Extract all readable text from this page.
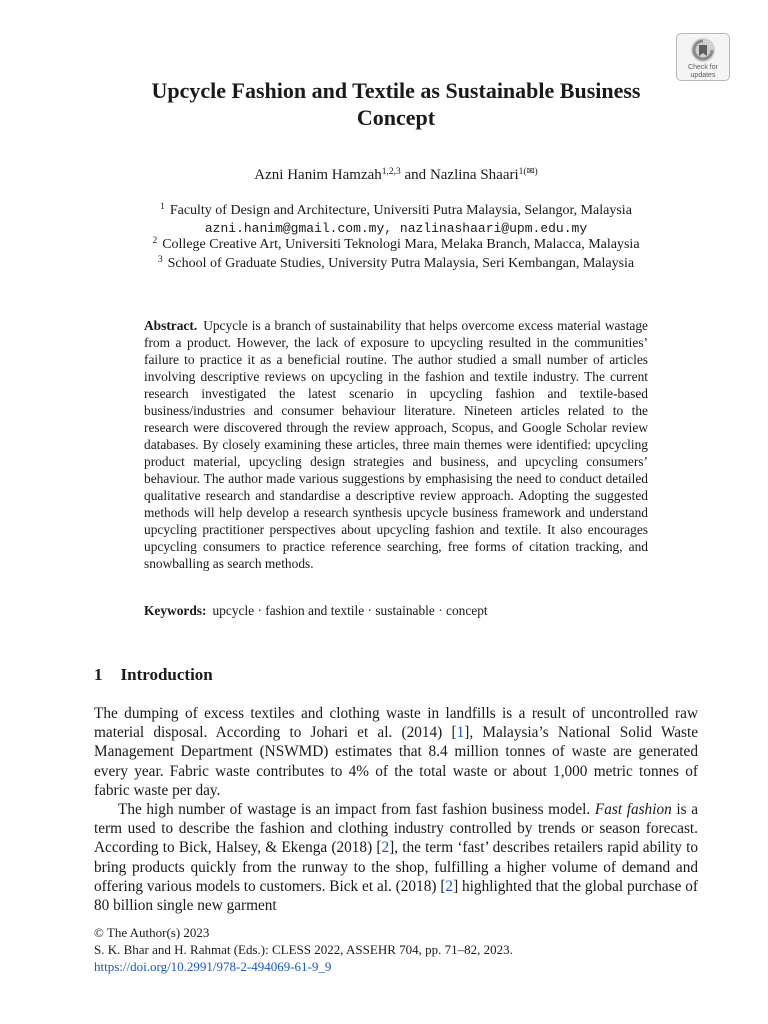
Check for updates
Upcycle Fashion and Textile as Sustainable Business Concept
Azni Hanim Hamzah$^{1,2,3}$ and Nazlina Shaari$^{1(✉)}$
$^1$ Faculty of Design and Architecture, Universiti Putra Malaysia, Selangor, Malaysia
azni.hanim@gmail.com.my, nazlinashaari@upm.edu.my
$^2$ College Creative Art, Universiti Teknologi Mara, Melaka Branch, Malacca, Malaysia
$^3$ School of Graduate Studies, University Putra Malaysia, Seri Kembangan, Malaysia

Abstract. Upcycle is a branch of sustainability that helps overcome excess material wastage from a product. However, the lack of exposure to upcycling resulted in the communities’ failure to practice it as a beneficial routine. The author studied a small number of articles involving descriptive reviews on upcycling in the fashion and textile industry. The current research investigated the latest scenario in upcycling fashion and textile-based business/industries and consumer behaviour literature. Nineteen articles related to the research were discovered through the review approach, Scopus, and Google Scholar review databases. By closely examining these articles, three main themes were identified: upcycling product material, upcycling design strategies and business, and upcycling consumers’ behaviour. The author made various suggestions by emphasising the need to conduct detailed qualitative research and standardise a descriptive review approach. Adopting the suggested methods will help develop a research synthesis upcycle business framework and understand upcycling practitioner perspectives about upcycling fashion and textile. It also encourages upcycling consumers to practice reference searching, free forms of citation tracking, and snowballing as search methods.

Keywords: upcycle · fashion and textile · sustainable · concept
1 Introduction

The dumping of excess textiles and clothing waste in landfills is a result of uncontrolled raw material disposal. According to Johari et al. (2014) [1], Malaysia’s National Solid Waste Management Department (NSWMD) estimates that 8.4 million tonnes of waste are generated every year. Fabric waste contributes to 4% of the total waste or about 1,000 metric tonnes of fabric waste per day.

The high number of wastage is an impact from fast fashion business model. Fast fashion is a term used to describe the fashion and clothing industry controlled by trends or season forecast. According to Bick, Halsey, & Ekenga (2018) [2], the term ‘fast’ describes retailers rapid ability to bring products quickly from the runway to the shop, fulfilling a higher volume of demand and offering various models to customers. Bick et al. (2018) [2] highlighted that the global purchase of 80 billion single new garment

© The Author(s) 2023
S. K. Bhar and H. Rahmat (Eds.): CLESS 2022, ASSEHR 704, pp. 71–82, 2023.
https://doi.org/10.2991/978-2-494069-61-9_9
